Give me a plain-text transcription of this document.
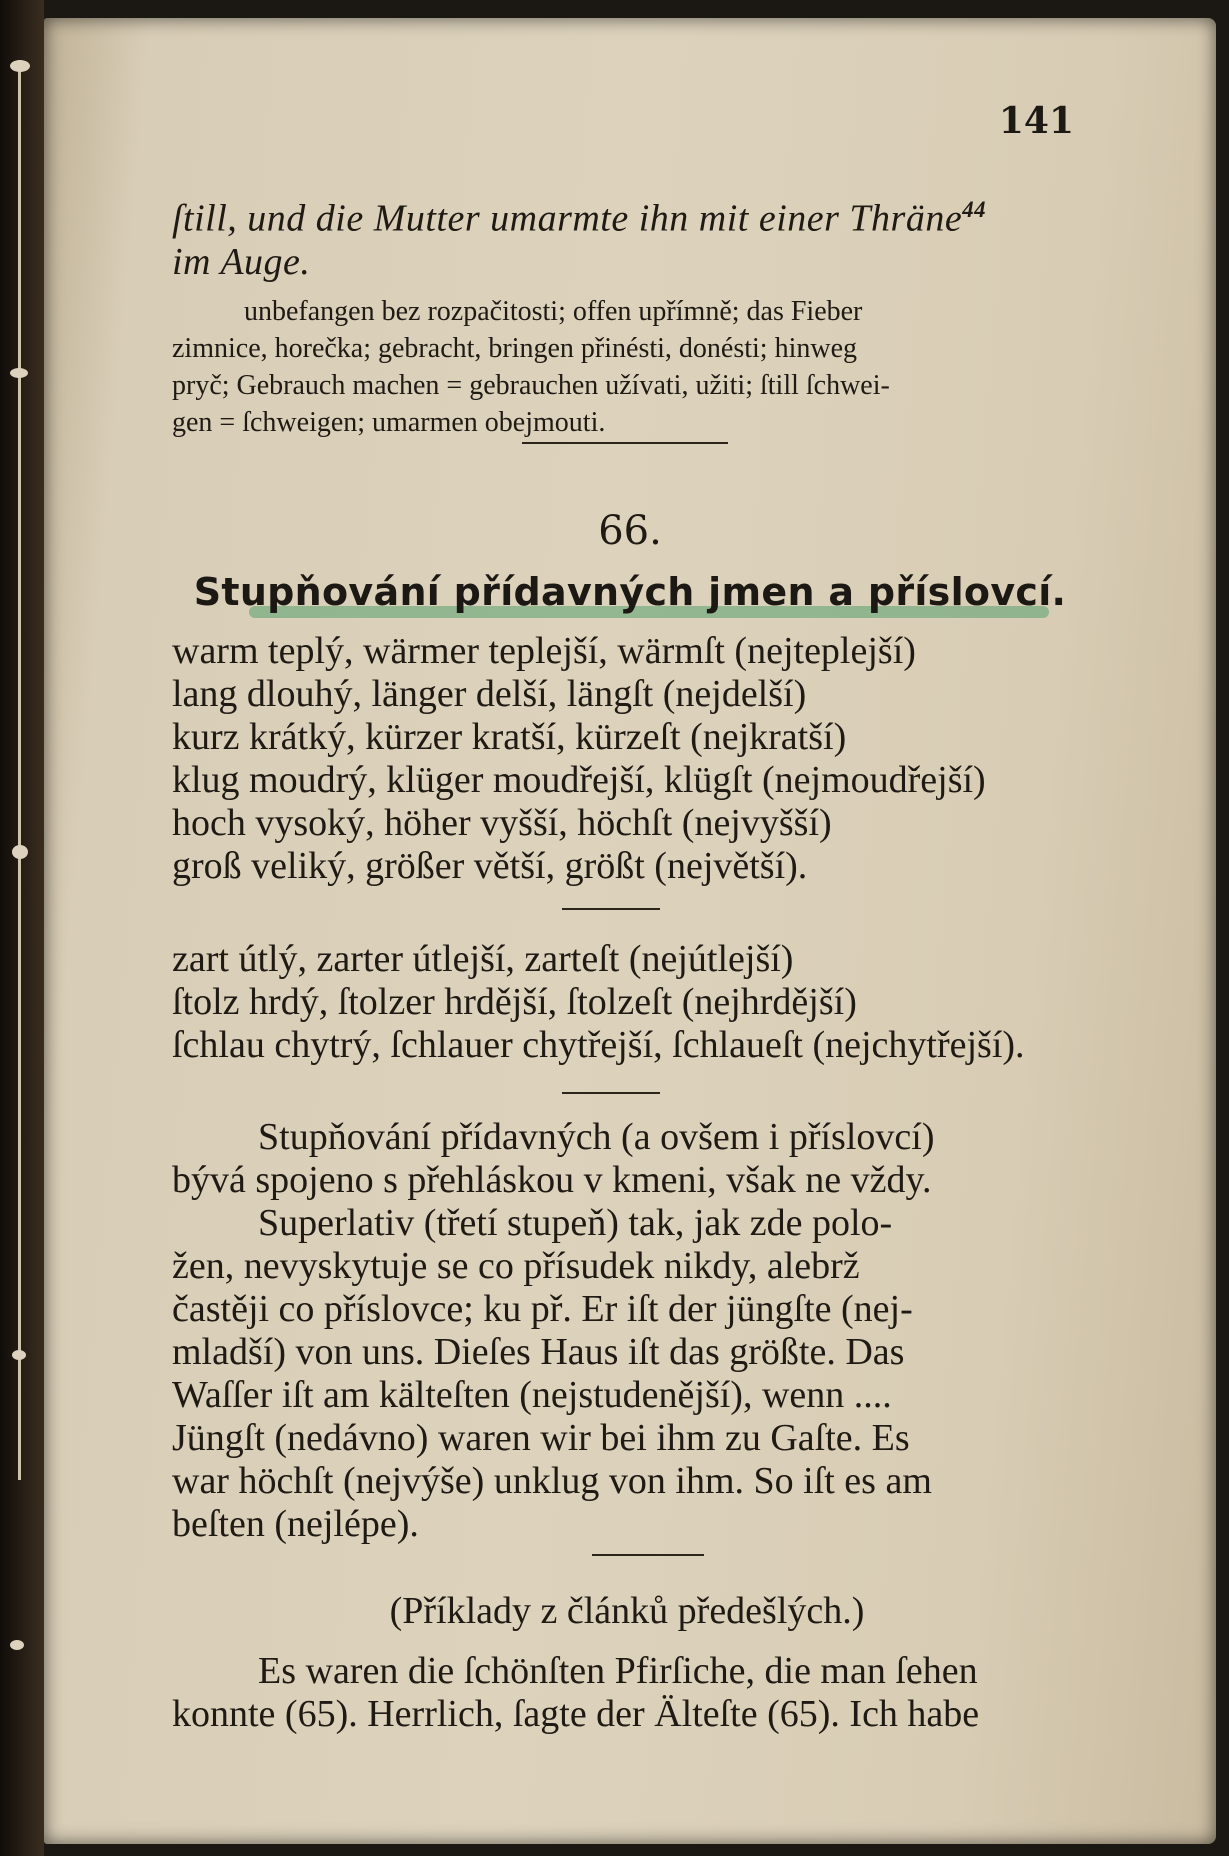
141
ſtill, und die Mutter umarmte ihn mit einer Thräne$^{44}$
im Auge.
unbefangen bez rozpačitosti; offen upřímně; das Fieber
zimnice, horečka; gebracht, bringen přinésti, donésti; hinweg
pryč; Gebrauch machen = gebrauchen užívati, užiti; ſtill ſchwei-
gen = ſchweigen; umarmen obejmouti.
66.
Stupňování přídavných jmen a příslovcí.
warm teplý, wärmer teplejší, wärmſt (nejteplejší)
lang dlouhý, länger delší, längſt (nejdelší)
kurz krátký, kürzer kratší, kürzeſt (nejkratší)
klug moudrý, klüger moudřejší, klügſt (nejmoudřejší)
hoch vysoký, höher vyšší, höchſt (nejvyšší)
groß veliký, größer větší, größt (největší).
zart útlý, zarter útlejší, zarteſt (nejútlejší)
ſtolz hrdý, ſtolzer hrdější, ſtolzeſt (nejhrdější)
ſchlau chytrý, ſchlauer chytřejší, ſchlaueſt (nejchytřejší).
Stupňování přídavných (a ovšem i příslovcí)
bývá spojeno s přehláskou v kmeni, však ne vždy.
Superlativ (třetí stupeň) tak, jak zde polo-
žen, nevyskytuje se co přísudek nikdy, alebrž
častěji co příslovce; ku př. Er iſt der jüngſte (nej-
mladší) von uns. Dieſes Haus iſt das größte. Das
Waſſer iſt am kälteſten (nejstudenější), wenn ....
Jüngſt (nedávno) waren wir bei ihm zu Gaſte. Es
war höchſt (nejvýše) unklug von ihm. So iſt es am
beſten (nejlépe).
(Příklady z článků předešlých.)
Es waren die ſchönſten Pfirſiche, die man ſehen
konnte (65). Herrlich, ſagte der Älteſte (65). Ich habe
